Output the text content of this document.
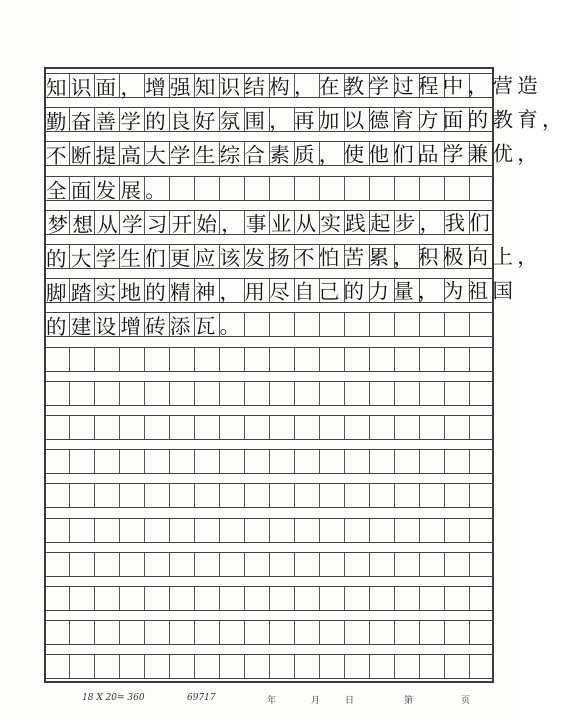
知识面，增强知识结构，在教学过程中，营造
勤奋善学的良好氛围，再加以德育方面的教育，
不断提高大学生综合素质，使他们品学兼优，
全面发展。
梦想从学习开始，事业从实践起步，我们
的大学生们更应该发扬不怕苦累，积极向上，
脚踏实地的精神，用尽自己的力量，为祖国
的建设增砖添瓦。
18 X 20= 360	69717	年	月	日	第	页
